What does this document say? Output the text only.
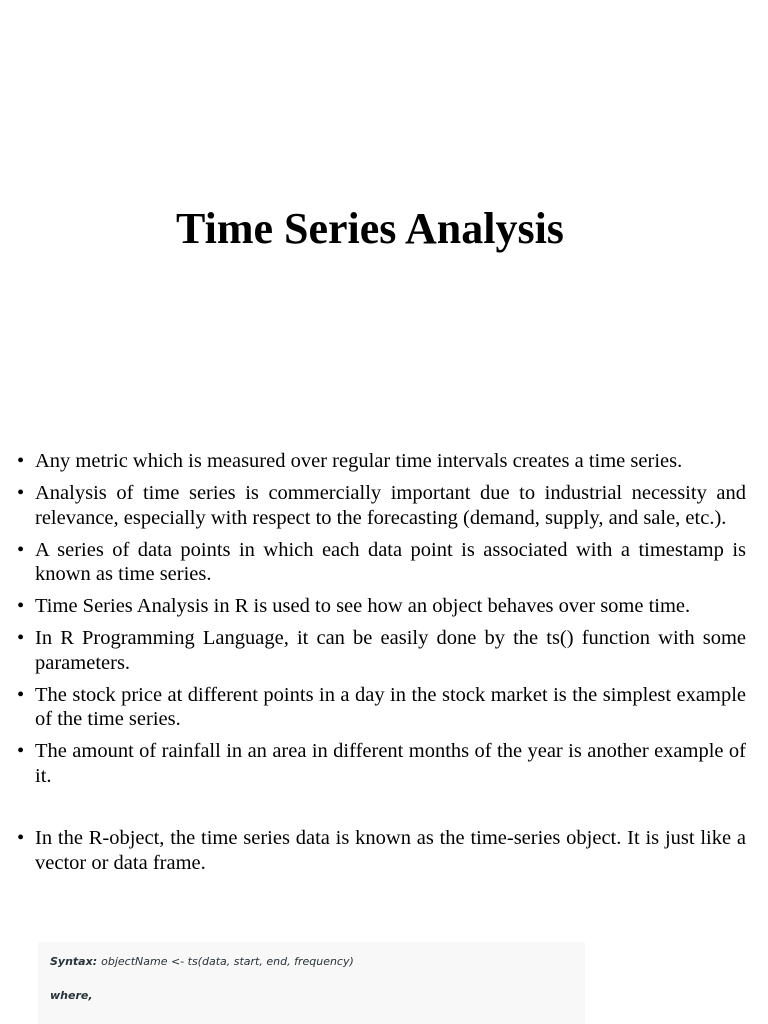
Time Series Analysis
• Any metric which is measured over regular time intervals creates a time series.
• Analysis of time series is commercially important due to industrial necessity and relevance, especially with respect to the forecasting (demand, supply, and sale, etc.).
• A series of data points in which each data point is associated with a timestamp is known as time series.
• Time Series Analysis in R is used to see how an object behaves over some time.
• In R Programming Language, it can be easily done by the ts() function with some parameters.
• The stock price at different points in a day in the stock market is the simplest example of the time series.
• The amount of rainfall in an area in different months of the year is another example of it.
• In the R-object, the time series data is known as the time-series object. It is just like a vector or data frame.
Syntax: objectName <- ts(data, start, end, frequency)
where,
